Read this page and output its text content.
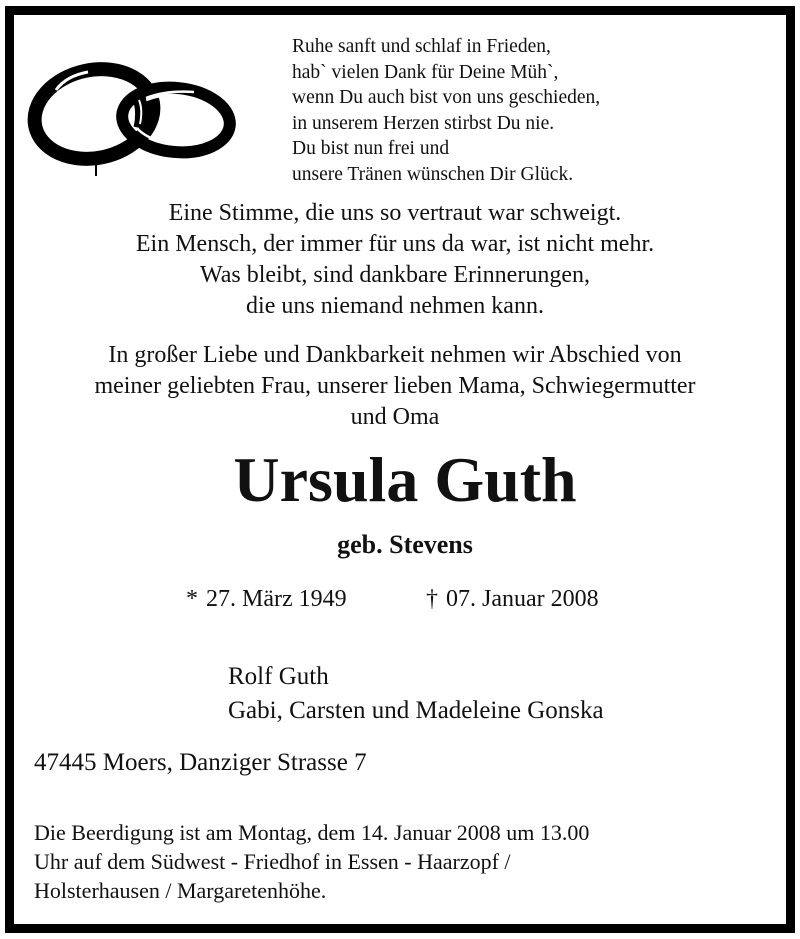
Ruhe sanft und schlaf in Frieden,
hab` vielen Dank für Deine Müh`,
wenn Du auch bist von uns geschieden,
in unserem Herzen stirbst Du nie.
Du bist nun frei und
unsere Tränen wünschen Dir Glück.
Eine Stimme, die uns so vertraut war schweigt.
Ein Mensch, der immer für uns da war, ist nicht mehr.
Was bleibt, sind dankbare Erinnerungen,
die uns niemand nehmen kann.
In großer Liebe und Dankbarkeit nehmen wir Abschied von
meiner geliebten Frau, unserer lieben Mama, Schwiegermutter
und Oma
Ursula Guth
geb. Stevens
* 27. März 1949	† 07. Januar 2008
Rolf Guth
Gabi, Carsten und Madeleine Gonska
47445 Moers, Danziger Strasse 7
Die Beerdigung ist am Montag, dem 14. Januar 2008 um 13.00
Uhr auf dem Südwest - Friedhof in Essen - Haarzopf /
Holsterhausen / Margaretenhöhe.
